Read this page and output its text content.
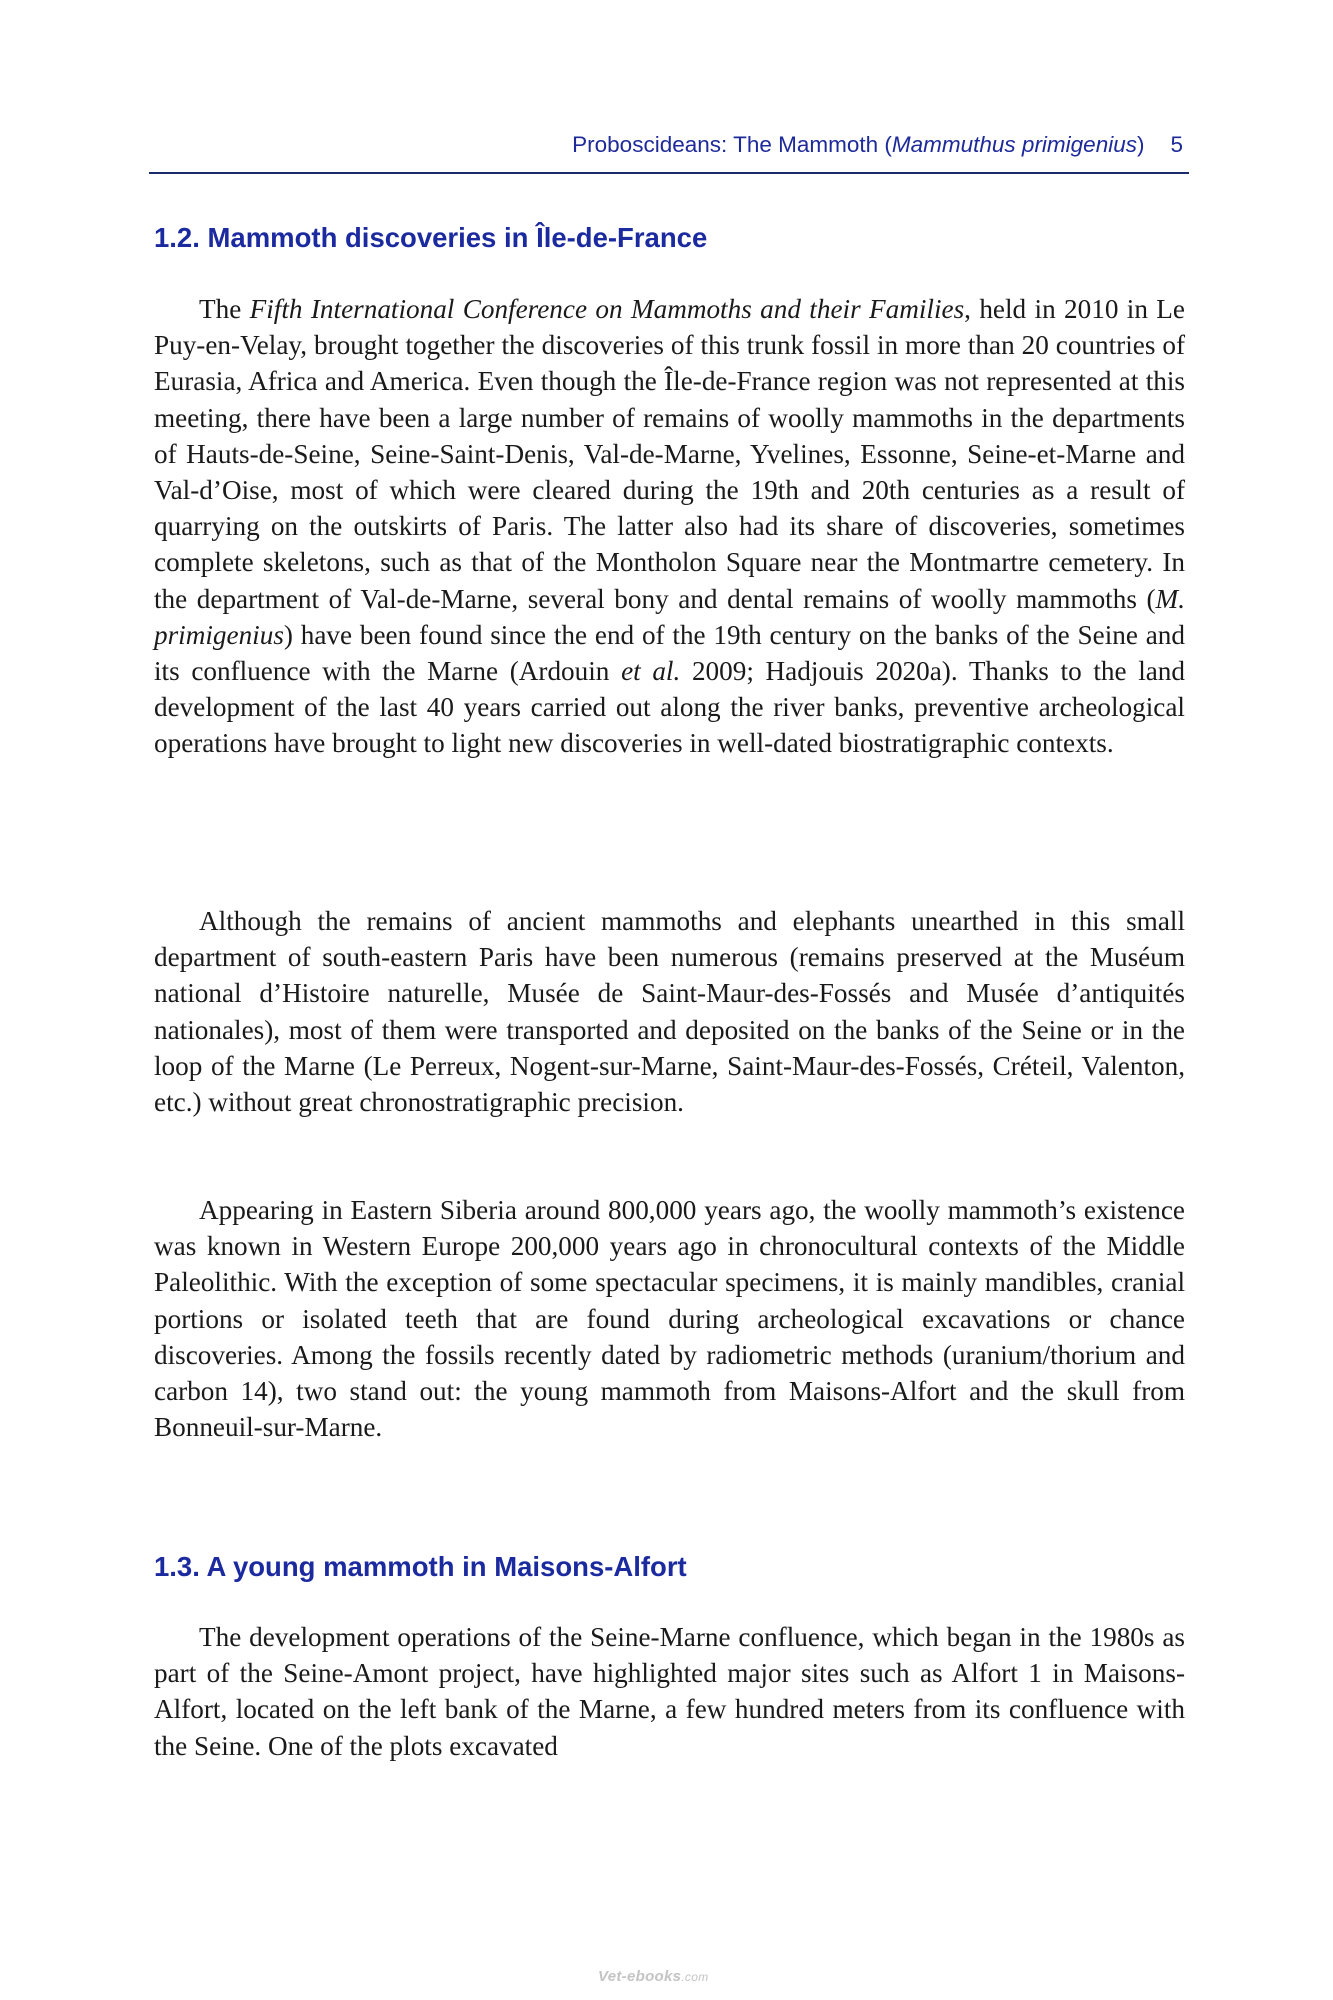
Proboscideans: The Mammoth (Mammuthus primigenius) 5
1.2. Mammoth discoveries in Île-de-France

The Fifth International Conference on Mammoths and their Families, held in 2010 in Le Puy-en-Velay, brought together the discoveries of this trunk fossil in more than 20 countries of Eurasia, Africa and America. Even though the Île-de-France region was not represented at this meeting, there have been a large number of remains of woolly mammoths in the departments of Hauts-de-Seine, Seine-Saint-Denis, Val-de-Marne, Yvelines, Essonne, Seine-et-Marne and Val-d’Oise, most of which were cleared during the 19th and 20th centuries as a result of quarrying on the outskirts of Paris. The latter also had its share of discoveries, sometimes complete skeletons, such as that of the Montholon Square near the Montmartre cemetery. In the department of Val-de-Marne, several bony and dental remains of woolly mammoths (M. primigenius) have been found since the end of the 19th century on the banks of the Seine and its confluence with the Marne (Ardouin et al. 2009; Hadjouis 2020a). Thanks to the land development of the last 40 years carried out along the river banks, preventive archeological operations have brought to light new discoveries in well-dated biostratigraphic contexts.

Although the remains of ancient mammoths and elephants unearthed in this small department of south-eastern Paris have been numerous (remains preserved at the Muséum national d’Histoire naturelle, Musée de Saint-Maur-des-Fossés and Musée d’antiquités nationales), most of them were transported and deposited on the banks of the Seine or in the loop of the Marne (Le Perreux, Nogent-sur-Marne, Saint-Maur-des-Fossés, Créteil, Valenton, etc.) without great chronostratigraphic precision.

Appearing in Eastern Siberia around 800,000 years ago, the woolly mammoth’s existence was known in Western Europe 200,000 years ago in chronocultural contexts of the Middle Paleolithic. With the exception of some spectacular specimens, it is mainly mandibles, cranial portions or isolated teeth that are found during archeological excavations or chance discoveries. Among the fossils recently dated by radiometric methods (uranium/thorium and carbon 14), two stand out: the young mammoth from Maisons-Alfort and the skull from Bonneuil-sur-Marne.

1.3. A young mammoth in Maisons-Alfort

The development operations of the Seine-Marne confluence, which began in the 1980s as part of the Seine-Amont project, have highlighted major sites such as Alfort 1 in Maisons-Alfort, located on the left bank of the Marne, a few hundred meters from its confluence with the Seine. One of the plots excavated

Vet-ebooks.com
